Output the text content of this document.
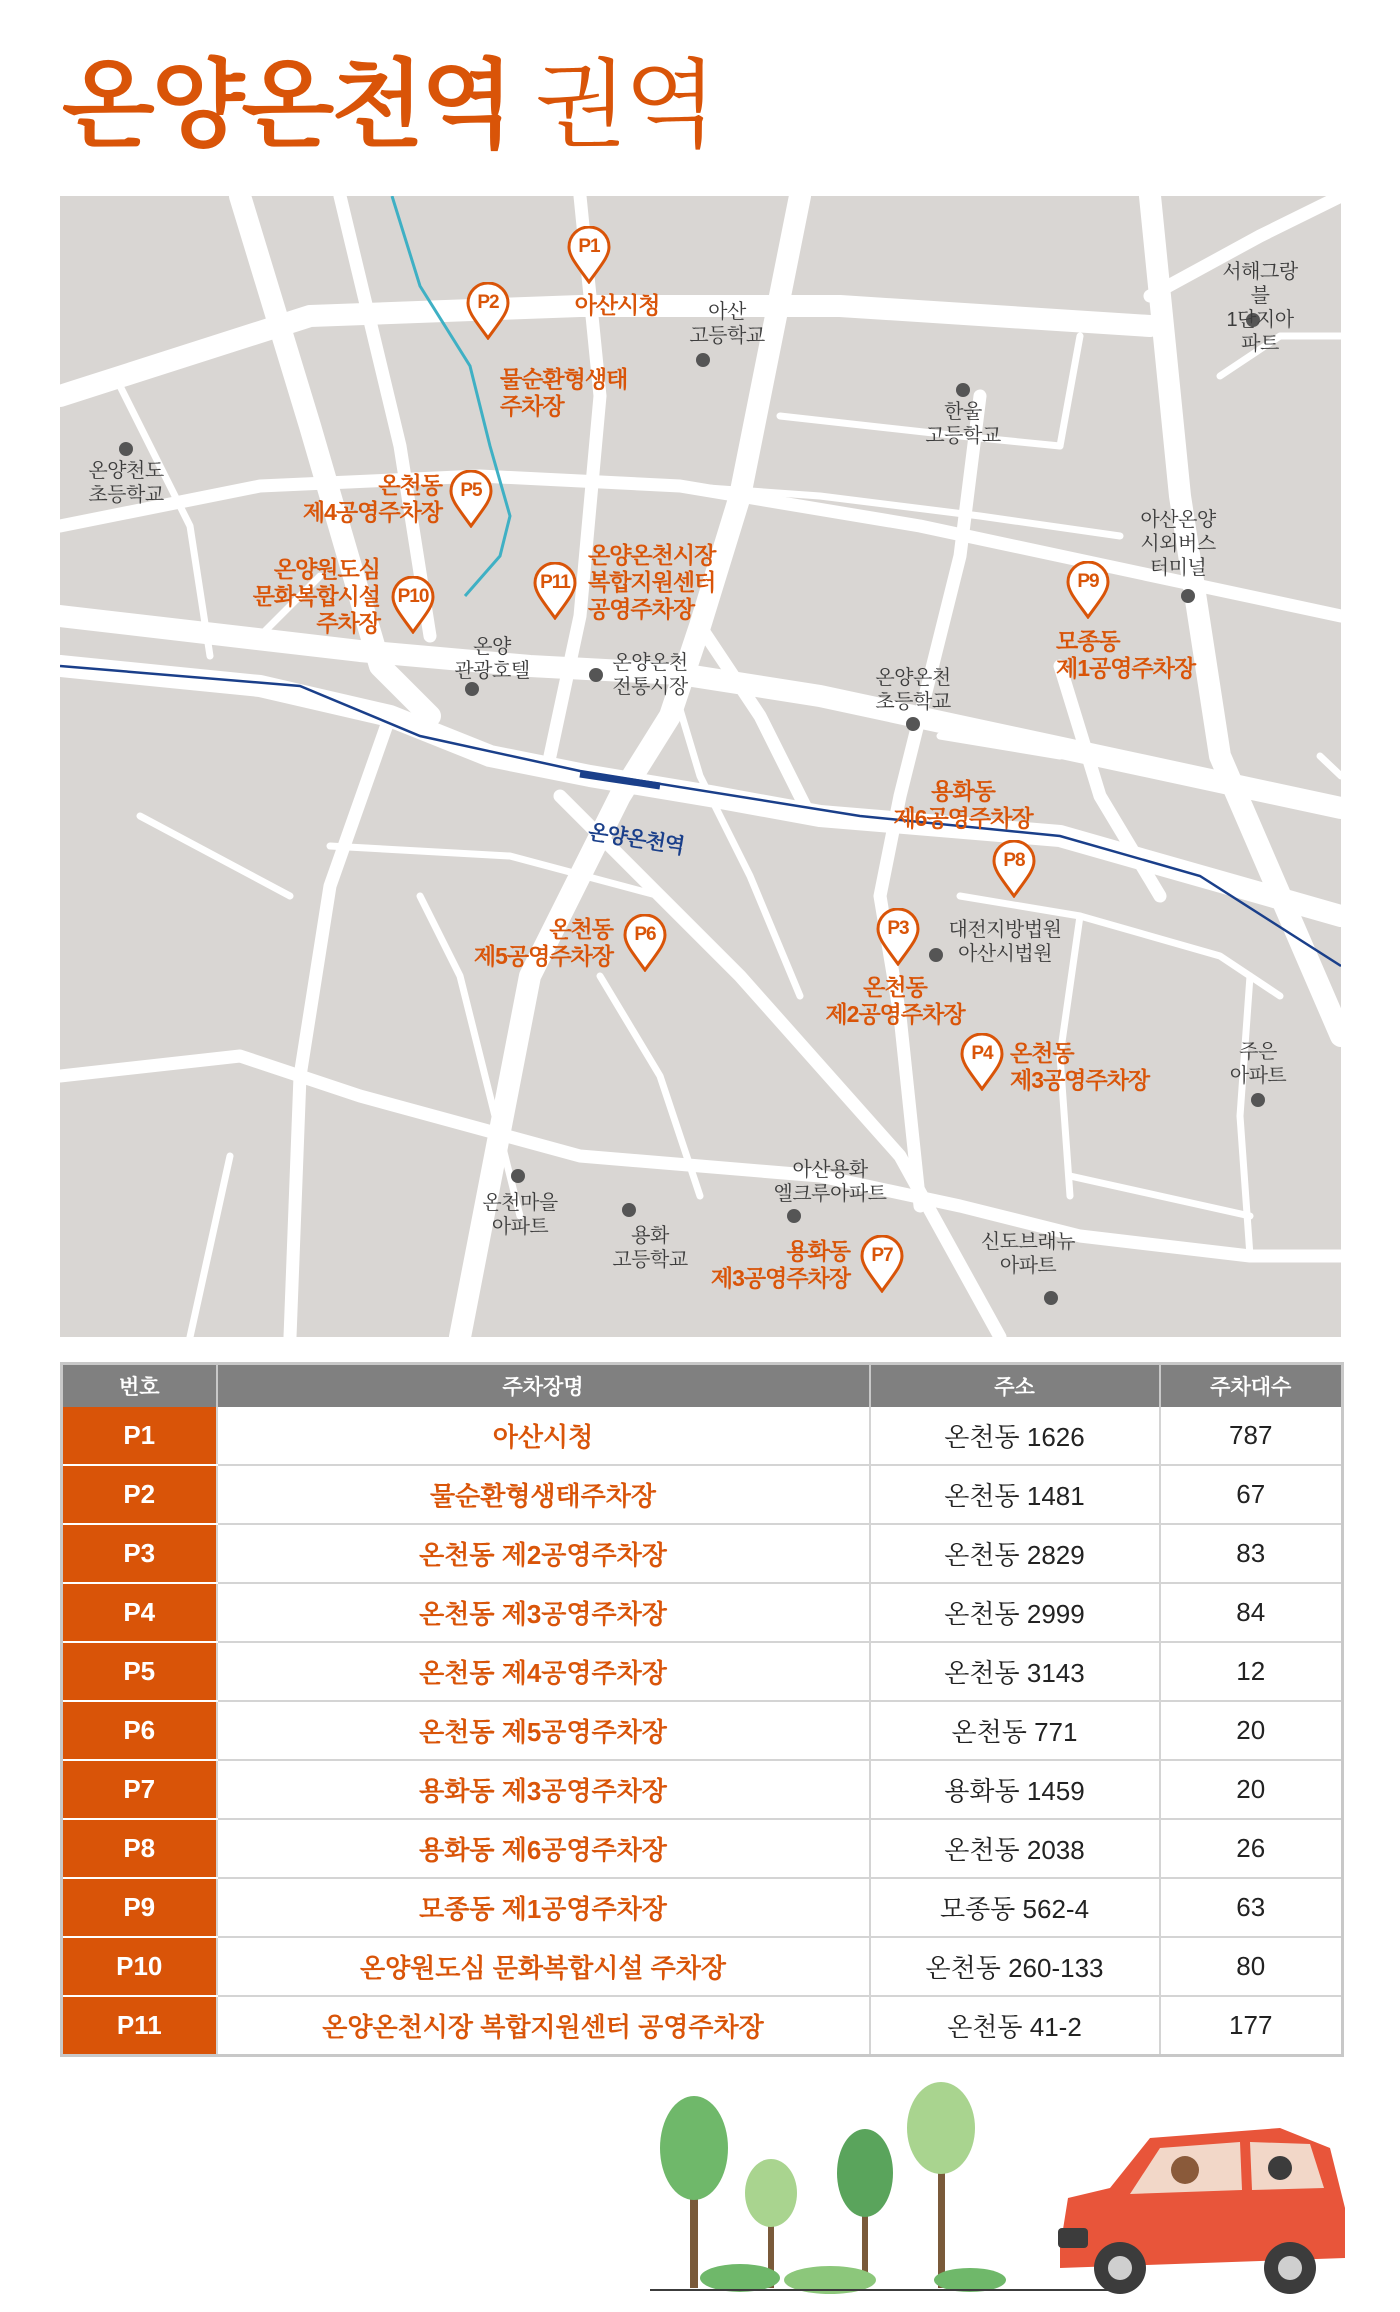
온양온천역 권역
온양온천역
아산
고등학교
서해그랑블
1단지아파트
한울
고등학교
온양천도
초등학교
아산온양
시외버스
터미널
온양
관광호텔	온양온천
전통시장	온양온천
초등학교
대전지방법원
아산시법원
주은
아파트
온천마을
아파트	용화
고등학교
아산용화
엘크루아파트
신도브래뉴
아파트
P1
아산시청
P2
물순환형생태
주차장
P3
온천동
제2공영주차장
P4 온천동
제3공영주차장
P5
온천동
제4공영주차장
P6
온천동
제5공영주차장
P7
용화동
제3공영주차장
P8
용화동
제6공영주차장
P9
모종동
제1공영주차장
P10
온양원도심
문화복합시설
주차장
P11
온양온천시장
복합지원센터
공영주차장
번호	주차장명	주소	주차대수
P1	아산시청	온천동 1626	787
P2	물순환형생태주차장	온천동 1481	67
P3	온천동 제2공영주차장	온천동 2829	83
P4	온천동 제3공영주차장	온천동 2999	84
P5	온천동 제4공영주차장	온천동 3143	12
P6	온천동 제5공영주차장	온천동 771	20
P7	용화동 제3공영주차장	용화동 1459	20
P8	용화동 제6공영주차장	온천동 2038	26
P9	모종동 제1공영주차장	모종동 562-4	63
P10	온양원도심 문화복합시설 주차장	온천동 260-133	80
P11	온양온천시장 복합지원센터 공영주차장	온천동 41-2	177
